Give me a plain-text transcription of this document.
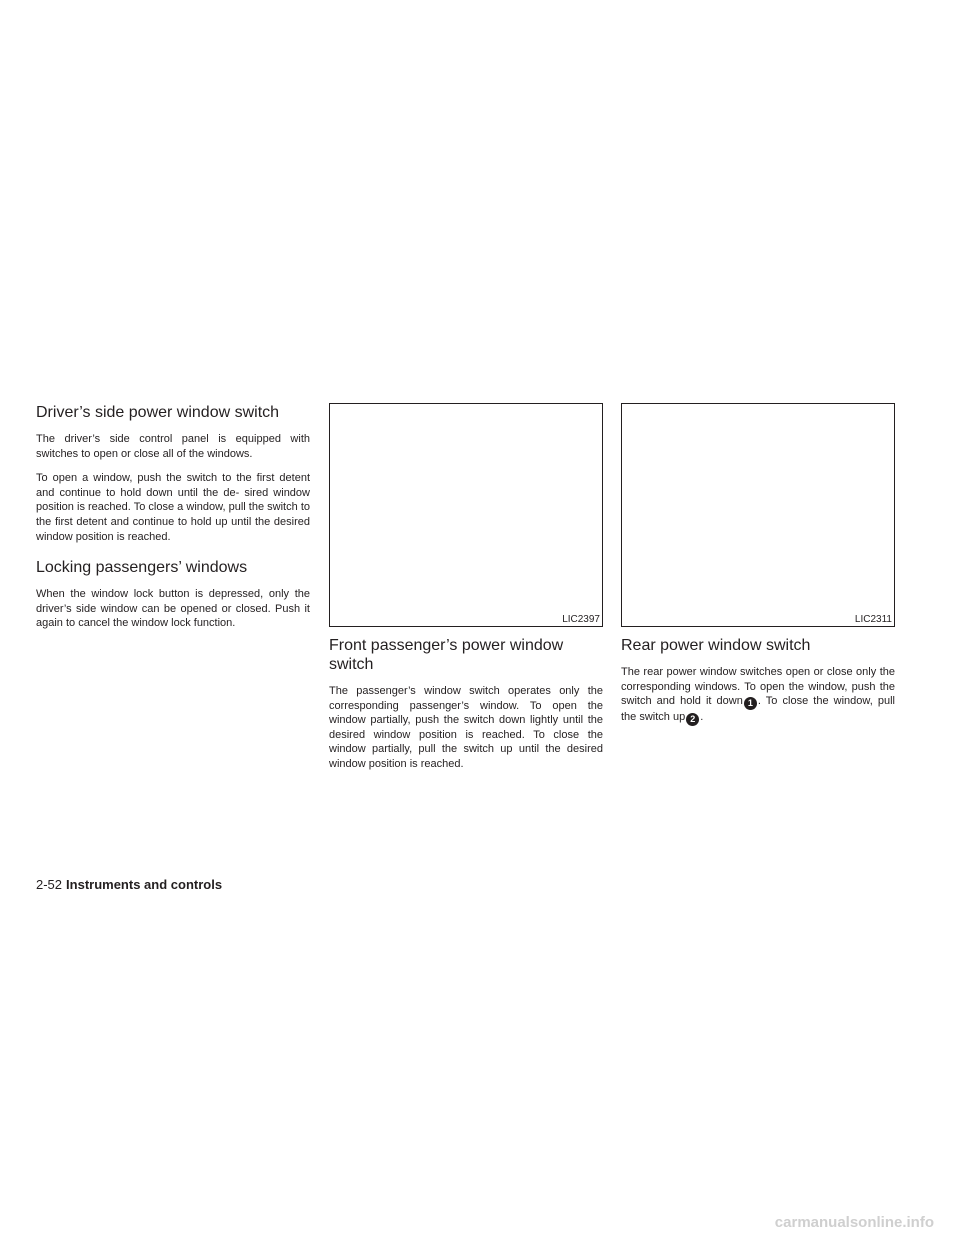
Driver’s side power window switch

The driver’s side control panel is equipped with switches to open or close all of the windows.

To open a window, push the switch to the first detent and continue to hold down until the de- sired window position is reached. To close a window, pull the switch to the first detent and continue to hold up until the desired window position is reached.

Locking passengers’ windows

When the window lock button is depressed, only the driver’s side window can be opened or closed. Push it again to cancel the window lock function.	LIC2397
Front passenger’s power window switch

The passenger’s window switch operates only the corresponding passenger’s window. To open the window partially, push the switch down lightly until the desired window position is reached. To close the window partially, pull the switch up until the desired window position is reached.

LIC2311
Rear power window switch

The rear power window switches open or close only the corresponding windows. To open the window, push the switch and hold it down 1 . To close the window, pull the switch up 2 .

2-52 Instruments and controls
carmanualsonline.info
